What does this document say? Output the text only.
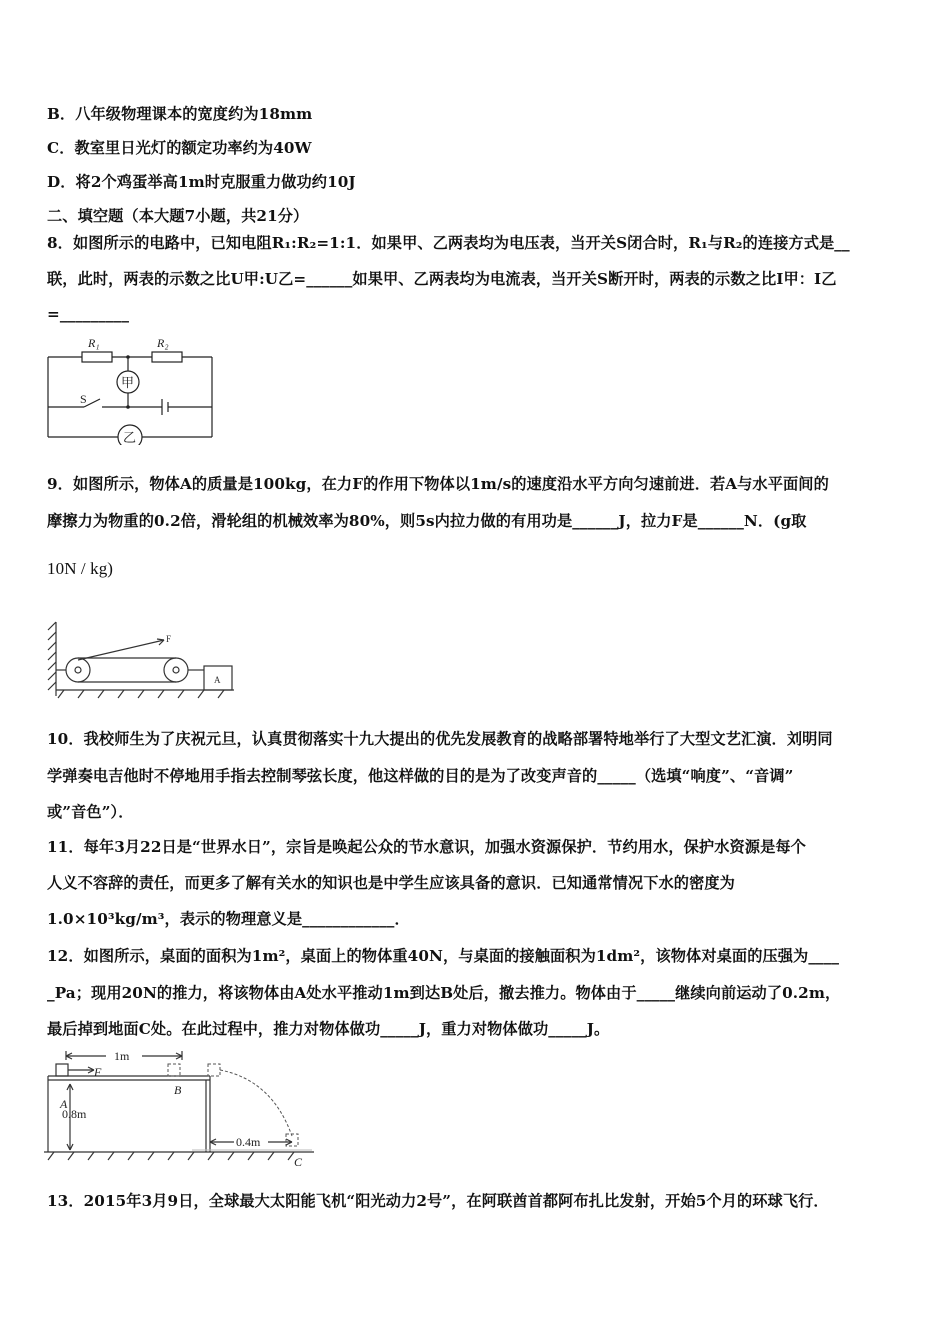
B．八年级物理课本的宽度约为18mm
C．教室里日光灯的额定功率约为40W
D．将2个鸡蛋举高1m时克服重力做功约10J
二、填空题（本大题7小题，共21分）
8．如图所示的电路中，已知电阻R₁:R₂=1:1．如果甲、乙两表均为电压表，当开关S闭合时，R₁与R₂的连接方式是__
联，此时，两表的示数之比U甲:U乙=______如果甲、乙两表均为电流表，当开关S断开时，两表的示数之比I甲：I乙
=_________
R₁	R₂
S
甲
乙
9．如图所示，物体A的质量是100kg，在力F的作用下物体以1m/s的速度沿水平方向匀速前进．若A与水平面间的
摩擦力为物重的0.2倍，滑轮组的机械效率为80%，则5s内拉力做的有用功是______J，拉力F是______N．(g取
10N / kg)
F
A
10．我校师生为了庆祝元旦，认真贯彻落实十九大提出的优先发展教育的战略部署特地举行了大型文艺汇演．刘明同
学弹奏电吉他时不停地用手指去控制琴弦长度，他这样做的目的是为了改变声音的_____（选填“响度”、“音调”
或”音色”）．
11．每年3月22日是“世界水日”，宗旨是唤起公众的节水意识，加强水资源保护．节约用水，保护水资源是每个
人义不容辞的责任，而更多了解有关水的知识也是中学生应该具备的意识．已知通常情况下水的密度为
1.0×10³kg/m³，表示的物理意义是____________．
12．如图所示，桌面的面积为1m²，桌面上的物体重40N，与桌面的接触面积为1dm²，该物体对桌面的压强为____
_Pa；现用20N的推力，将该物体由A处水平推动1m到达B处后，撤去推力。物体由于_____继续向前运动了0.2m，
最后掉到地面C处。在此过程中，推力对物体做功_____J，重力对物体做功_____J。
1m
A
F
0.8m
B
0.4m
C
13．2015年3月9日，全球最大太阳能飞机“阳光动力2号”，在阿联酋首都阿布扎比发射，开始5个月的环球飞行．
